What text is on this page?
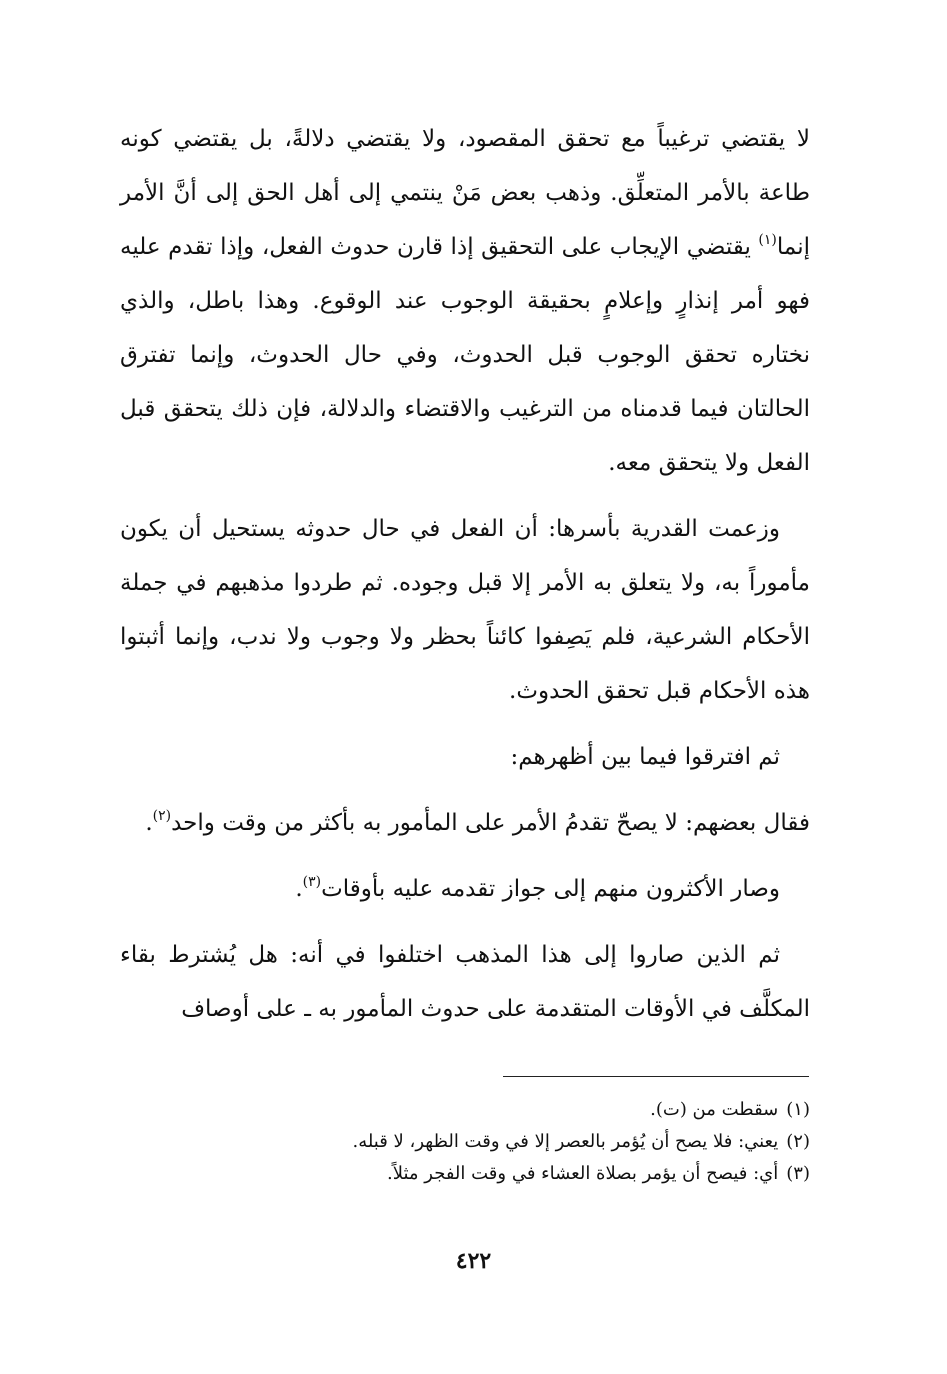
لا يقتضي ترغيباً مع تحقق المقصود، ولا يقتضي دلالةً، بل يقتضي كونه طاعة بالأمر المتعلِّق. وذهب بعض مَنْ ينتمي إلى أهل الحق إلى أنَّ الأمر إنما$^{(١)}$ يقتضي الإيجاب على التحقيق إذا قارن حدوث الفعل، وإذا تقدم عليه فهو أمر إنذارٍ وإعلامٍ بحقيقة الوجوب عند الوقوع. وهذا باطل، والذي نختاره تحقق الوجوب قبل الحدوث، وفي حال الحدوث، وإنما تفترق الحالتان فيما قدمناه من الترغيب والاقتضاء والدلالة، فإن ذلك يتحقق قبل الفعل ولا يتحقق معه.

وزعمت القدرية بأسرها: أن الفعل في حال حدوثه يستحيل أن يكون مأموراً به، ولا يتعلق به الأمر إلا قبل وجوده. ثم طردوا مذهبهم في جملة الأحكام الشرعية، فلم يَصِفوا كائناً بحظر ولا وجوب ولا ندب، وإنما أثبتوا هذه الأحكام قبل تحقق الحدوث.

ثم افترقوا فيما بين أظهرهم:

فقال بعضهم: لا يصحّ تقدمُ الأمر على المأمور به بأكثر من وقت واحد$^{(٢)}$.

وصار الأكثرون منهم إلى جواز تقدمه عليه بأوقات$^{(٣)}$.

ثم الذين صاروا إلى هذا المذهب اختلفوا في أنه: هل يُشترط بقاء المكلَّف في الأوقات المتقدمة على حدوث المأمور به ـ على أوصاف

(١)سقطت من (ت).
(٢)يعني: فلا يصح أن يُؤمر بالعصر إلا في وقت الظهر، لا قبله.
(٣)أي: فيصح أن يؤمر بصلاة العشاء في وقت الفجر مثلاً.
٤٢٢
